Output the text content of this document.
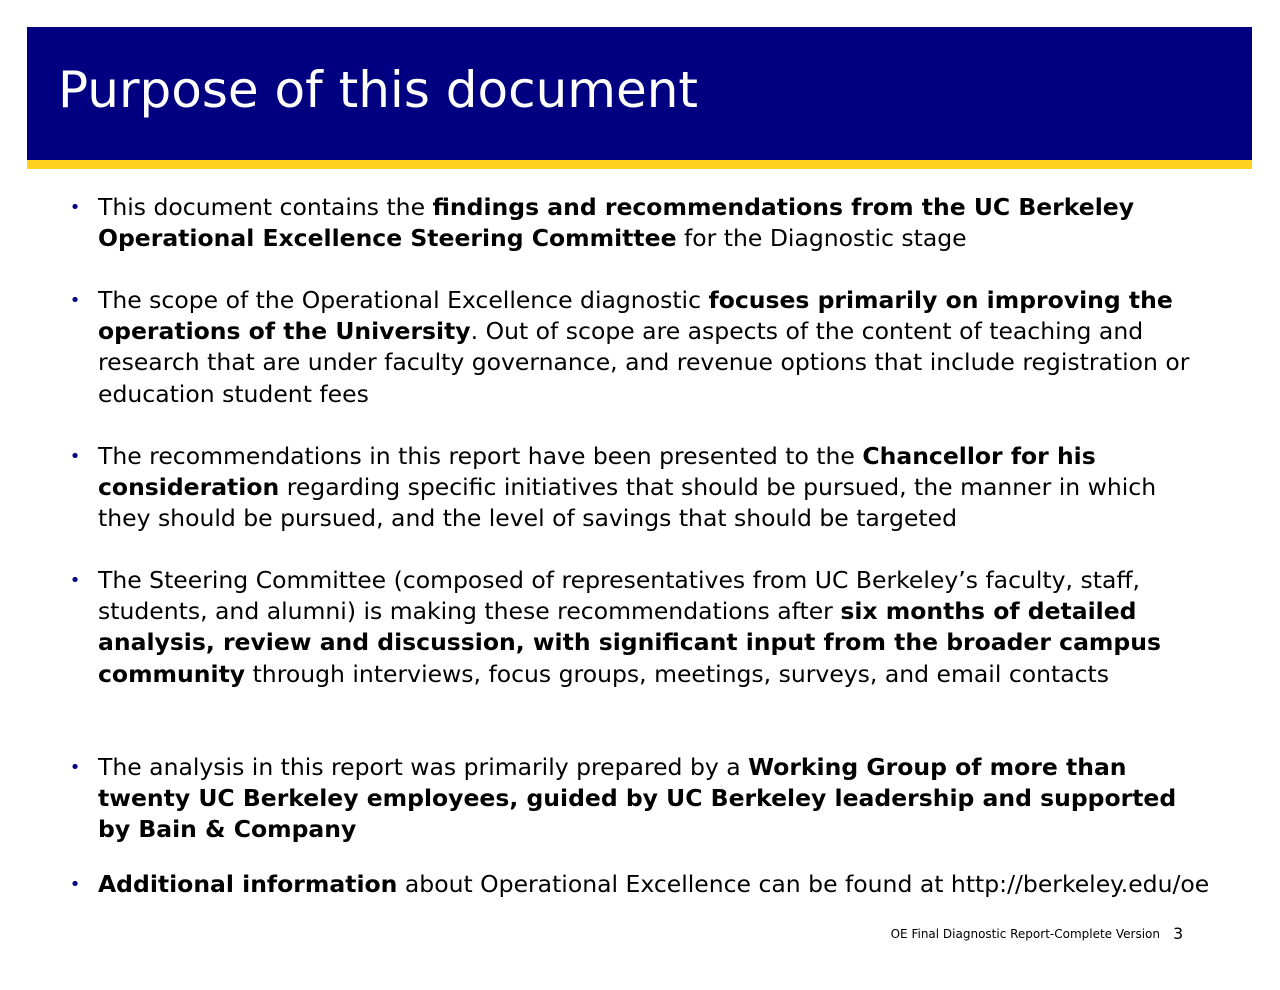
Purpose of this document
• This document contains the findings and recommendations from the UC Berkeley Operational Excellence Steering Committee for the Diagnostic stage
• The scope of the Operational Excellence diagnostic focuses primarily on improving the operations of the University. Out of scope are aspects of the content of teaching and research that are under faculty governance, and revenue options that include registration or education student fees
• The recommendations in this report have been presented to the Chancellor for his consideration regarding specific initiatives that should be pursued, the manner in which they should be pursued, and the level of savings that should be targeted
• The Steering Committee (composed of representatives from UC Berkeley’s faculty, staff, students, and alumni) is making these recommendations after six months of detailed analysis, review and discussion, with significant input from the broader campus community through interviews, focus groups, meetings, surveys, and email contacts
• The analysis in this report was primarily prepared by a Working Group of more than twenty UC Berkeley employees, guided by UC Berkeley leadership and supported by Bain & Company
• Additional information about Operational Excellence can be found at http://berkeley.edu/oe
OE Final Diagnostic Report-Complete Version 3
